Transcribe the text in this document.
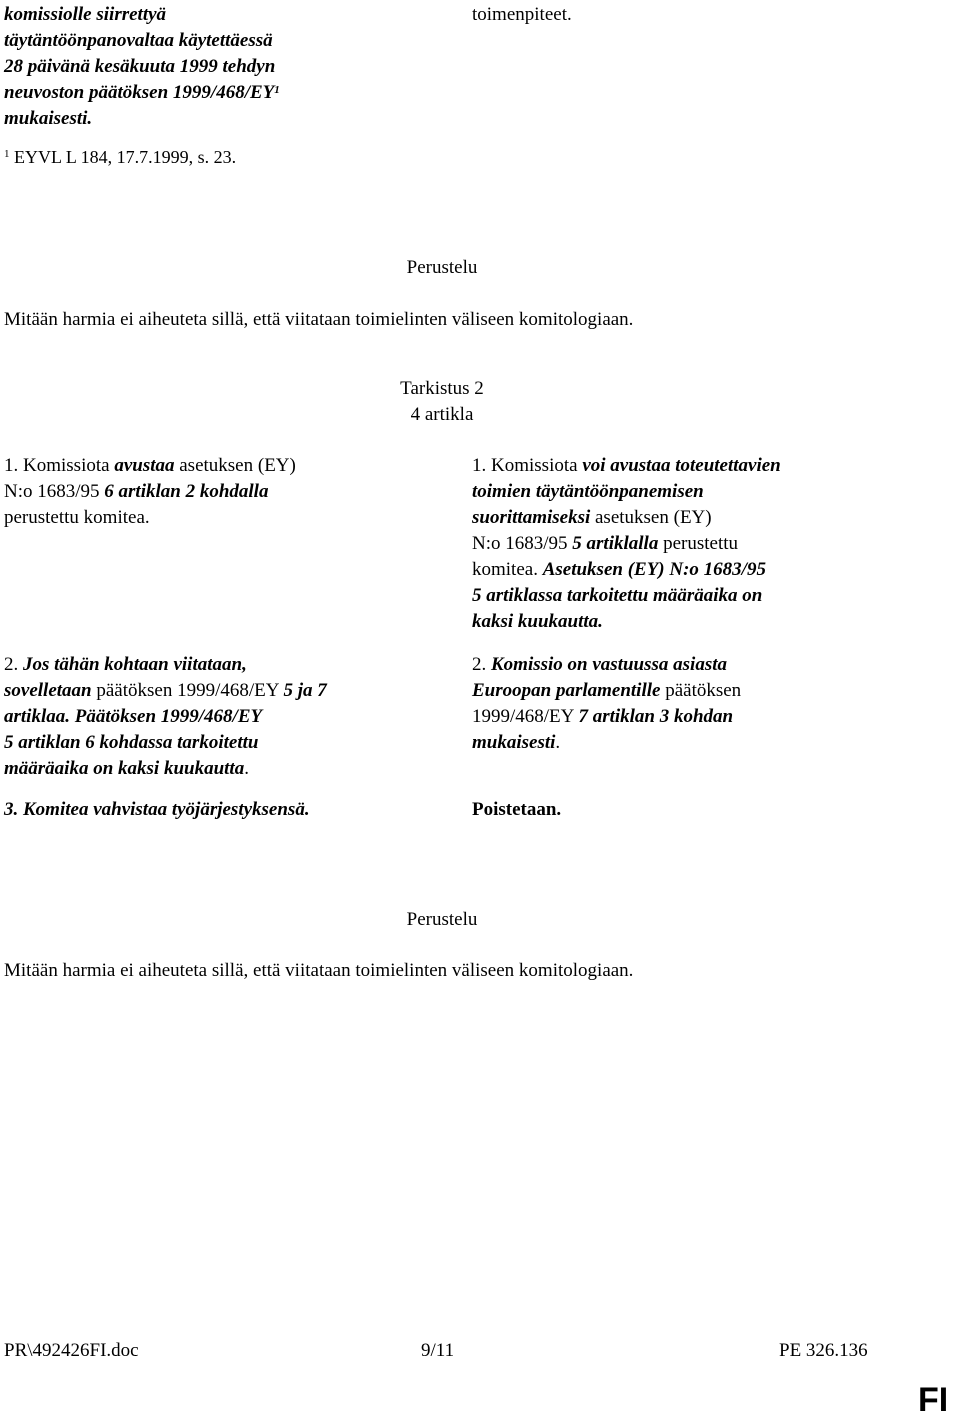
komissiolle siirrettyä

täytäntöönpanovaltaa käytettäessä

28 päivänä kesäkuuta 1999 tehdyn

neuvoston päätöksen $1999/468/EY^1$

mukaisesti.

$^1$ EYVL L 184, 17.7.1999, s. 23.
toimenpiteet.
Perustelu
Mitään harmia ei aiheuteta sillä, että viitataan toimielinten väliseen komitologiaan.
Tarkistus 2
4 artikla

1. Komissiota avustaa asetuksen (EY)

N:o 1683/95 6 artiklan 2 kohdalla

perustettu komitea.

2. Jos tähän kohtaan viitataan,

sovelletaan päätöksen 1999/468/EY 5 ja 7

artiklaa. Päätöksen 1999/468/EY

5 artiklan 6 kohdassa tarkoitettu

määräaika on kaksi kuukautta.

3. Komitea vahvistaa työjärjestyksensä.

1. Komissiota voi avustaa toteutettavien

toimien täytäntöönpanemisen

suorittamiseksi asetuksen (EY)

N:o 1683/95 5 artiklalla perustettu

komitea. Asetuksen (EY) N:o 1683/95

5 artiklassa tarkoitettu määräaika on

kaksi kuukautta.

2. Komissio on vastuussa asiasta

Euroopan parlamentille päätöksen

1999/468/EY 7 artiklan 3 kohdan

mukaisesti.

Poistetaan.
Perustelu
Mitään harmia ei aiheuteta sillä, että viitataan toimielinten väliseen komitologiaan.
PR\492426FI.doc	9/11	PE 326.136
FI
